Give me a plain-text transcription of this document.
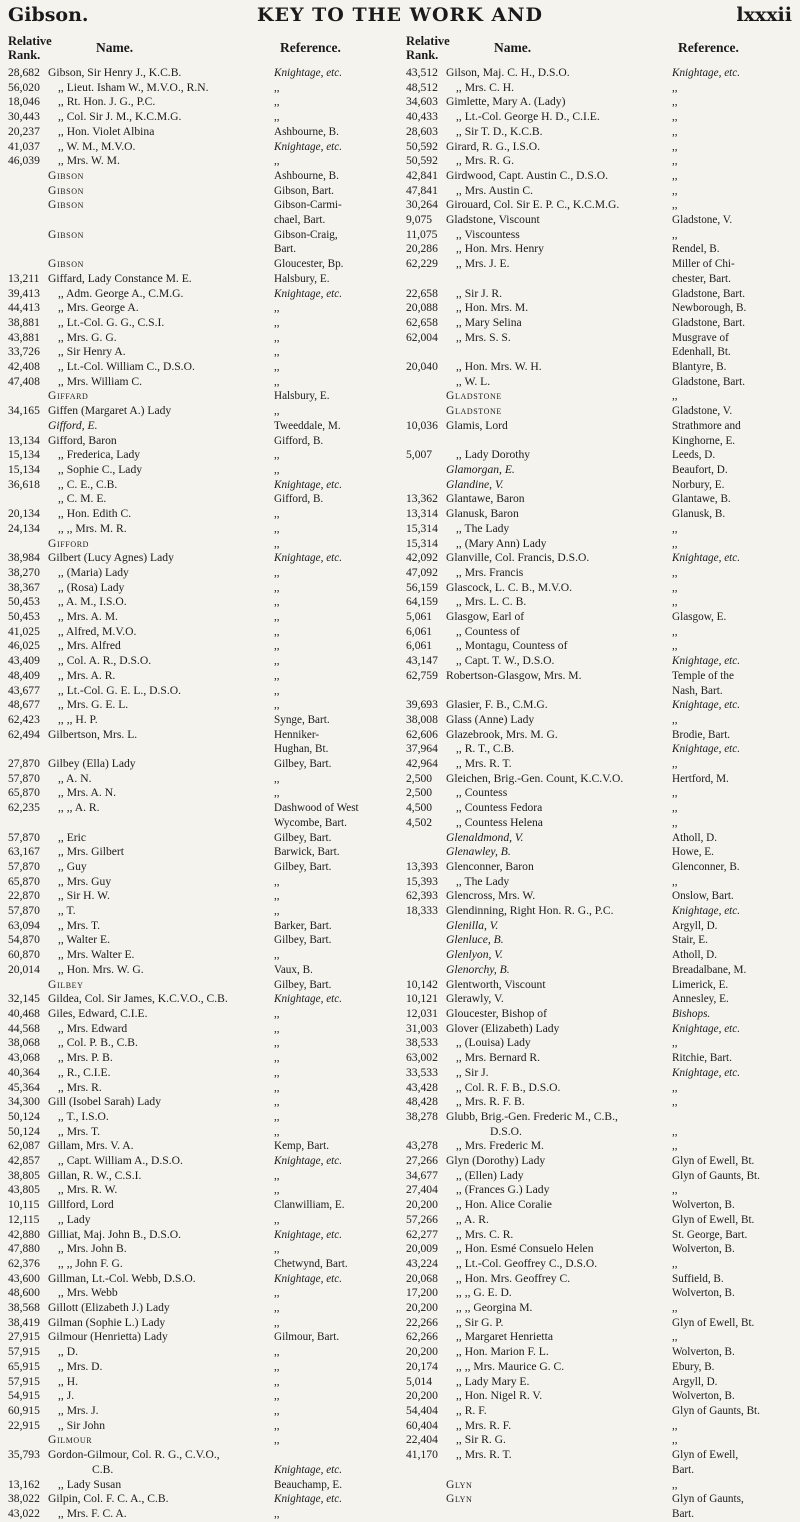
Gibson.	KEY TO THE WORK AND	lxxxii
Relative
Rank.	Name.	Reference.
28,682 Gibson, Sir Henry J., K.C.B.	Knightage, etc.
56,020	,, Lieut. Isham W., M.V.O., R.N.	,,
18,046	,, Rt. Hon. J. G., P.C.	,,
30,443	,, Col. Sir J. M., K.C.M.G.	,,
20,237	,, Hon. Violet Albina	Ashbourne, B.
41,037	,, W. M., M.V.O.	Knightage, etc.
46,039	,, Mrs. W. M.	,,
Gibson	Ashbourne, B.
Gibson	Gibson, Bart.
Gibson	Gibson-Carmi-
chael, Bart.
Gibson	Gibson-Craig,
Bart.
Gibson	Gloucester, Bp.
13,211 Giffard, Lady Constance M. E.	Halsbury, E.
39,413	,, Adm. George A., C.M.G.	Knightage, etc.
44,413	,, Mrs. George A.	,,
38,881	,, Lt.-Col. G. G., C.S.I.	,,
43,881	,, Mrs. G. G.	,,
33,726	,, Sir Henry A.	,,
42,408	,, Lt.-Col. William C., D.S.O.	,,
47,408	,, Mrs. William C.	,,
Giffard	Halsbury, E.
34,165 Giffen (Margaret A.) Lady	,,
Gifford, E.	Tweeddale, M.
13,134 Gifford, Baron	Gifford, B.
15,134	,, Frederica, Lady	,,
15,134	,, Sophie C., Lady	,,
36,618	,, C. E., C.B.	Knightage, etc.
,, C. M. E.	Gifford, B.
20,134	,, Hon. Edith C.	,,
24,134	,, ,, Mrs. M. R.	,,
Gifford	,,
38,984 Gilbert (Lucy Agnes) Lady	Knightage, etc.
38,270	,, (Maria) Lady	,,
38,367	,, (Rosa) Lady	,,
50,453	,, A. M., I.S.O.	,,
50,453	,, Mrs. A. M.	,,
41,025	,, Alfred, M.V.O.	,,
46,025	,, Mrs. Alfred	,,
43,409	,, Col. A. R., D.S.O.	,,
48,409	,, Mrs. A. R.	,,
43,677	,, Lt.-Col. G. E. L., D.S.O.	,,
48,677	,, Mrs. G. E. L.	,,
62,423	,, ,, H. P.	Synge, Bart.
62,494 Gilbertson, Mrs. L.	Henniker-
Hughan, Bt.
27,870 Gilbey (Ella) Lady	Gilbey, Bart.
57,870	,, A. N.	,,
65,870	,, Mrs. A. N.	,,
62,235	,, ,, A. R.	Dashwood of West
Wycombe, Bart.
57,870	,, Eric	Gilbey, Bart.
63,167	,, Mrs. Gilbert	Barwick, Bart.
57,870	,, Guy	Gilbey, Bart.
65,870	,, Mrs. Guy	,,
22,870	,, Sir H. W.	,,
57,870	,, T.	,,
63,094	,, Mrs. T.	Barker, Bart.
54,870	,, Walter E.	Gilbey, Bart.
60,870	,, Mrs. Walter E.	,,
20,014	,, Hon. Mrs. W. G.	Vaux, B.
Gilbey	Gilbey, Bart.
32,145 Gildea, Col. Sir James, K.C.V.O., C.B.	Knightage, etc.
40,468 Giles, Edward, C.I.E.	,,
44,568	,, Mrs. Edward	,,
38,068	,, Col. P. B., C.B.	,,
43,068	,, Mrs. P. B.	,,
40,364	,, R., C.I.E.	,,
45,364	,, Mrs. R.	,,
34,300 Gill (Isobel Sarah) Lady	,,
50,124	,, T., I.S.O.	,,
50,124	,, Mrs. T.	,,
62,087 Gillam, Mrs. V. A.	Kemp, Bart.
42,857	,, Capt. William A., D.S.O.	Knightage, etc.
38,805 Gillan, R. W., C.S.I.	,,
43,805	,, Mrs. R. W.	,,
10,115 Gillford, Lord	Clanwilliam, E.
12,115	,, Lady	,,
42,880 Gilliat, Maj. John B., D.S.O.	Knightage, etc.
47,880	,, Mrs. John B.	,,
62,376	,, ,, John F. G.	Chetwynd, Bart.
43,600 Gillman, Lt.-Col. Webb, D.S.O.	Knightage, etc.
48,600	,, Mrs. Webb	,,
38,568 Gillott (Elizabeth J.) Lady	,,
38,419 Gilman (Sophie L.) Lady	,,
27,915 Gilmour (Henrietta) Lady	Gilmour, Bart.
57,915	,, D.	,,
65,915	,, Mrs. D.	,,
57,915	,, H.	,,
54,915	,, J.	,,
60,915	,, Mrs. J.	,,
22,915	,, Sir John	,,
Gilmour	,,
35,793 Gordon-Gilmour, Col. R. G., C.V.O.,
C.B.	Knightage, etc.
13,162	,, Lady Susan	Beauchamp, E.
38,022 Gilpin, Col. F. C. A., C.B.	Knightage, etc.
43,022	,, Mrs. F. C. A.	,,
Relative
Rank.	Name.	Reference.
43,512 Gilson, Maj. C. H., D.S.O.	Knightage, etc.
48,512	,, Mrs. C. H.	,,
34,603 Gimlette, Mary A. (Lady)	,,
40,433	,, Lt.-Col. George H. D., C.I.E.	,,
28,603	,, Sir T. D., K.C.B.	,,
50,592 Girard, R. G., I.S.O.	,,
50,592	,, Mrs. R. G.	,,
42,841 Girdwood, Capt. Austin C., D.S.O.	,,
47,841	,, Mrs. Austin C.	,,
30,264 Girouard, Col. Sir E. P. C., K.C.M.G.	,,
9,075	Gladstone, Viscount	Gladstone, V.
11,075	,, Viscountess	,,
20,286	,, Hon. Mrs. Henry	Rendel, B.
62,229	,, Mrs. J. E.	Miller of Chi-
chester, Bart.
22,658	,, Sir J. R.	Gladstone, Bart.
20,088	,, Hon. Mrs. M.	Newborough, B.
62,658	,, Mary Selina	Gladstone, Bart.
62,004	,, Mrs. S. S.	Musgrave of
Edenhall, Bt.
20,040	,, Hon. Mrs. W. H.	Blantyre, B.
,, W. L.	Gladstone, Bart.
Gladstone	,,
Gladstone	Gladstone, V.
10,036 Glamis, Lord	Strathmore and
Kinghorne, E.
5,007	,, Lady Dorothy	Leeds, D.
Glamorgan, E.	Beaufort, D.
Glandine, V.	Norbury, E.
13,362 Glantawe, Baron	Glantawe, B.
13,314 Glanusk, Baron	Glanusk, B.
15,314	,, The Lady	,,
15,314	,, (Mary Ann) Lady	,,
42,092 Glanville, Col. Francis, D.S.O.	Knightage, etc.
47,092	,, Mrs. Francis	,,
56,159 Glascock, L. C. B., M.V.O.	,,
64,159	,, Mrs. L. C. B.	,,
5,061	Glasgow, Earl of	Glasgow, E.
6,061	,, Countess of	,,
6,061	,, Montagu, Countess of	,,
43,147	,, Capt. T. W., D.S.O.	Knightage, etc.
62,759 Robertson-Glasgow, Mrs. M.	Temple of the
Nash, Bart.
39,693 Glasier, F. B., C.M.G.	Knightage, etc.
38,008 Glass (Anne) Lady	,,
62,606 Glazebrook, Mrs. M. G.	Brodie, Bart.
37,964	,, R. T., C.B.	Knightage, etc.
42,964	,, Mrs. R. T.	,,
2,500	Gleichen, Brig.-Gen. Count, K.C.V.O.	Hertford, M.
2,500	,, Countess	,,
4,500	,, Countess Fedora	,,
4,502	,, Countess Helena	,,
Glenaldmond, V.	Atholl, D.
Glenawley, B.	Howe, E.
13,393 Glenconner, Baron	Glenconner, B.
15,393	,, The Lady	,,
62,393 Glencross, Mrs. W.	Onslow, Bart.
18,333 Glendinning, Right Hon. R. G., P.C.	Knightage, etc.
Glenilla, V.	Argyll, D.
Glenluce, B.	Stair, E.
Glenlyon, V.	Atholl, D.
Glenorchy, B.	Breadalbane, M.
10,142 Glentworth, Viscount	Limerick, E.
10,121 Glerawly, V.	Annesley, E.
12,031 Gloucester, Bishop of	Bishops.
31,003 Glover (Elizabeth) Lady	Knightage, etc.
38,533	,, (Louisa) Lady	,,
63,002	,, Mrs. Bernard R.	Ritchie, Bart.
33,533	,, Sir J.	Knightage, etc.
43,428	,, Col. R. F. B., D.S.O.	,,
48,428	,, Mrs. R. F. B.	,,
38,278 Glubb, Brig.-Gen. Frederic M., C.B.,
D.S.O.	,,
43,278	,, Mrs. Frederic M.	,,
27,266 Glyn (Dorothy) Lady	Glyn of Ewell, Bt.
34,677	,, (Ellen) Lady	Glyn of Gaunts, Bt.
27,404	,, (Frances G.) Lady	,,
20,200	,, Hon. Alice Coralie	Wolverton, B.
57,266	,, A. R.	Glyn of Ewell, Bt.
62,277	,, Mrs. C. R.	St. George, Bart.
20,009	,, Hon. Esmé Consuelo Helen	Wolverton, B.
43,224	,, Lt.-Col. Geoffrey C., D.S.O.	,,
20,068	,, Hon. Mrs. Geoffrey C.	Suffield, B.
17,200	,, ,, G. E. D.	Wolverton, B.
20,200	,, ,, Georgina M.	,,
22,266	,, Sir G. P.	Glyn of Ewell, Bt.
62,266	,, Margaret Henrietta	,,
20,200	,, Hon. Marion F. L.	Wolverton, B.
20,174	,, ,, Mrs. Maurice G. C.	Ebury, B.
5,014	,, Lady Mary E.	Argyll, D.
20,200	,, Hon. Nigel R. V.	Wolverton, B.
54,404	,, R. F.	Glyn of Gaunts, Bt.
60,404	,, Mrs. R. F.	,,
22,404	,, Sir R. G.	,,
41,170	,, Mrs. R. T.	Glyn of Ewell,
Bart.
Glyn	,,
Glyn	Glyn of Gaunts,
Bart.
